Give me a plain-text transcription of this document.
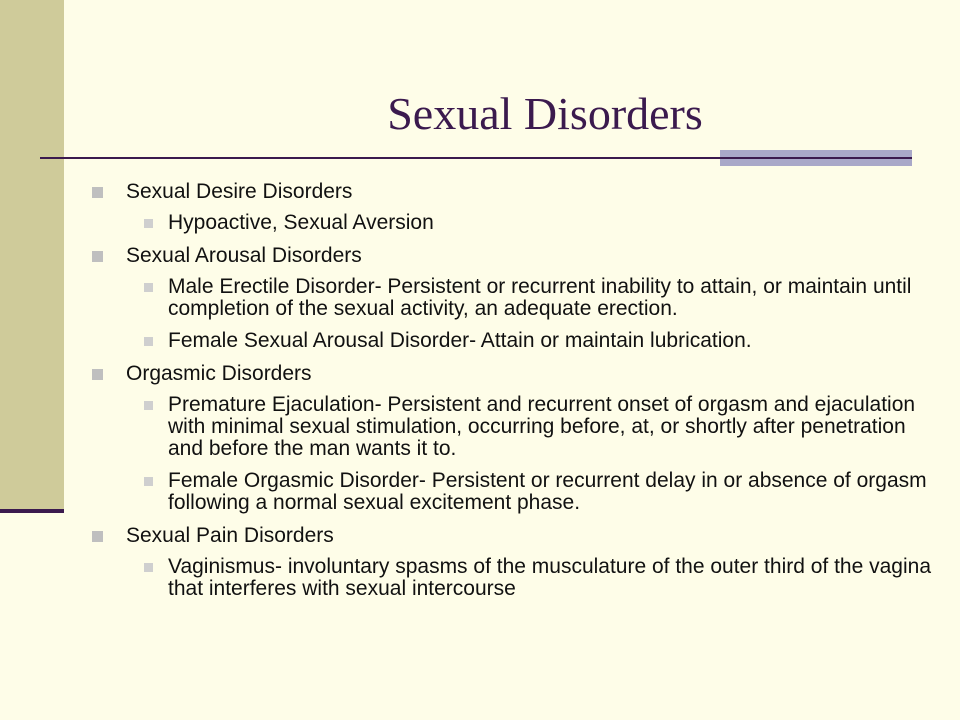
Sexual Disorders
Sexual Desire Disorders
Hypoactive, Sexual Aversion
Sexual Arousal Disorders
Male Erectile Disorder- Persistent or recurrent inability to attain, or maintain until completion of the sexual activity, an adequate erection.
Female Sexual Arousal Disorder- Attain or maintain lubrication.
Orgasmic Disorders
Premature Ejaculation- Persistent and recurrent onset of orgasm and ejaculation with minimal sexual stimulation, occurring before, at, or shortly after penetration and before the man wants it to.
Female Orgasmic Disorder- Persistent or recurrent delay in or absence of orgasm following a normal sexual excitement phase.
Sexual Pain Disorders
Vaginismus- involuntary spasms of the musculature of the outer third of the vagina that interferes with sexual intercourse
